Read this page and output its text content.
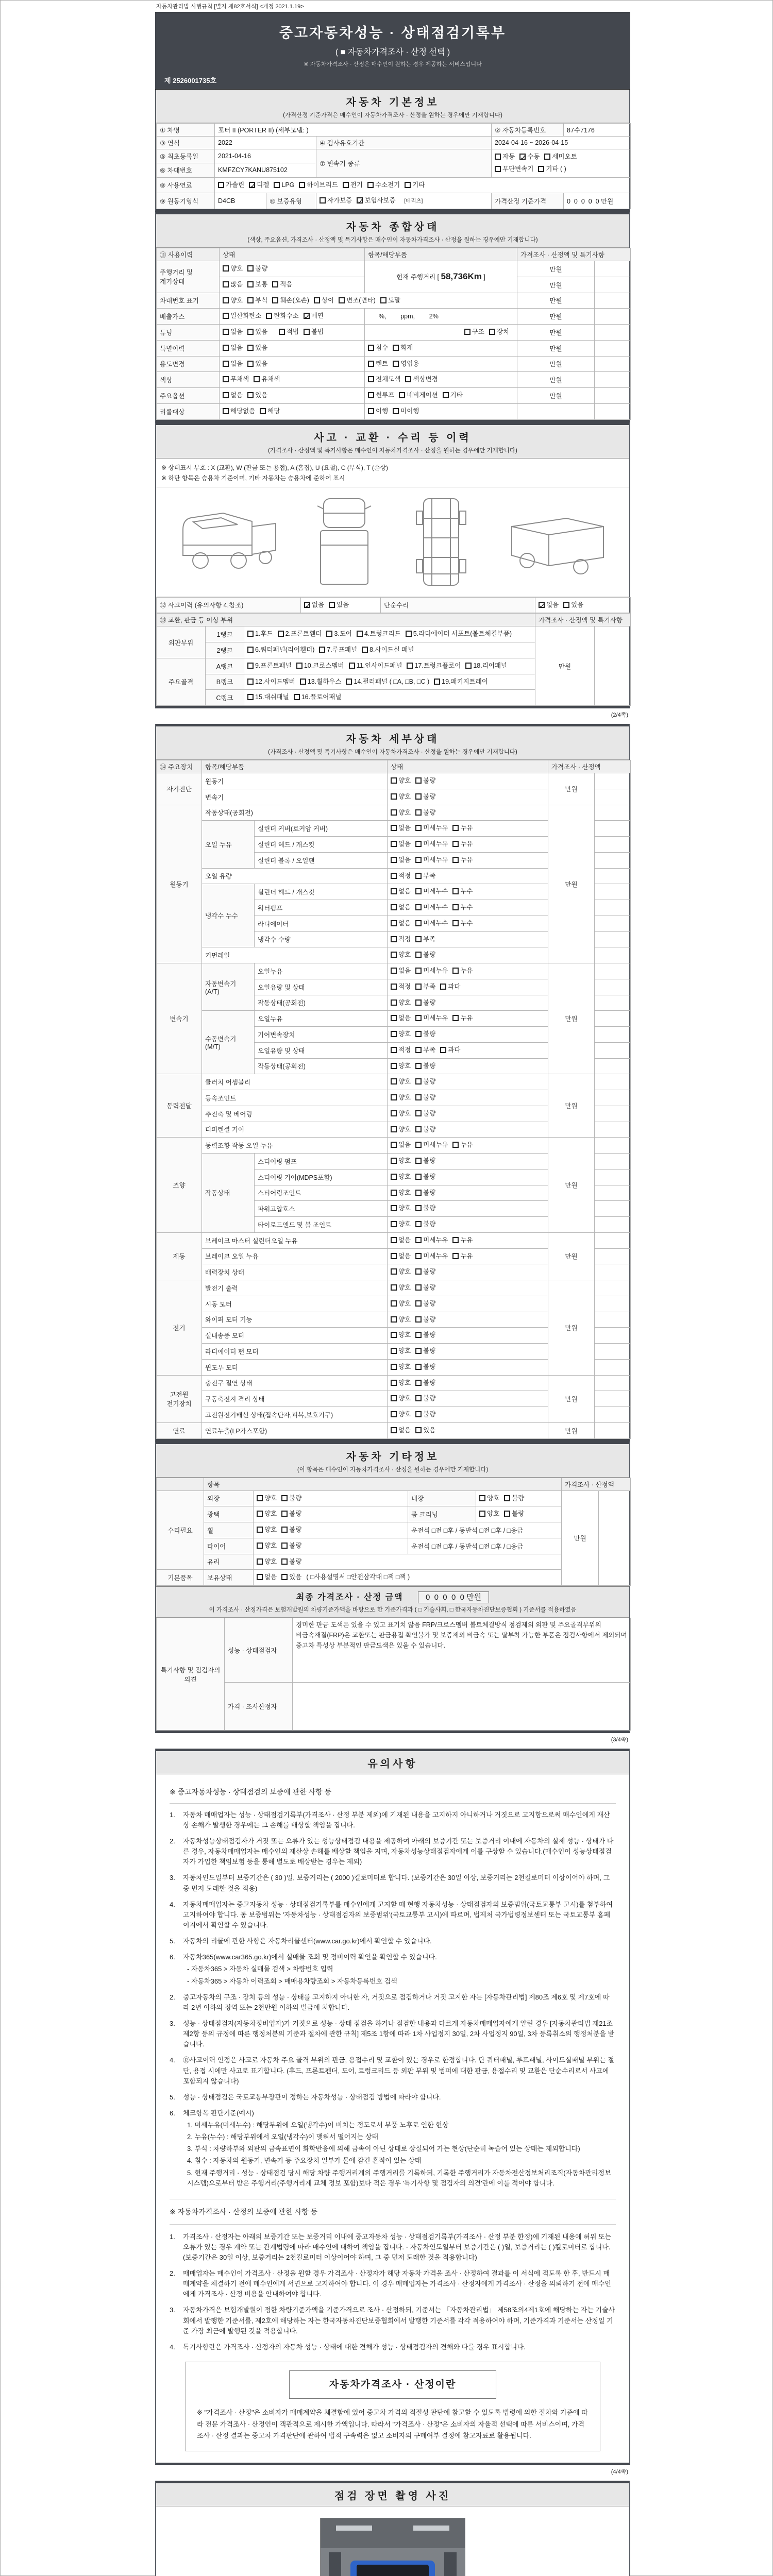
자동차관리법 시행규칙 [별지 제82호서식] <개정 2021.1.19>
중고자동차성능 · 상태점검기록부
( ■ 자동차가격조사 · 산정 선택 )
※ 자동차가격조사 · 산정은 매수인이 원하는 경우 제공하는 서비스입니다
제 2526001735호
자동차 기본정보
(가격산정 기준가격은 매수인이 자동차가격조사 · 산정을 원하는 경우에만 기재합니다)
① 차명	포터 II (PORTER II) (세부모델: )			② 자동차등록번호	87수7176
③ 연식	2022		④ 검사유효기간	2024-04-16 ~ 2026-04-15	
⑤ 최초등록일	2021-04-16		⑦ 변속기 종류	자동 ✓ 수동 세미오토
무단변속기 기타 ( )

⑥ 차대번호	KMFZCY7KANU875102				
⑧ 사용연료	가솔린 ✓ 디젤 LPG 하이브리드 전기 수소전기 기타
⑨ 원동기형식	D4CB	⑩ 보증유형	자가보증 ✓ 보험사보증 [메리츠]	가격산정 기준가격	0  0  0  0  0 만원
자동차 종합상태
(색상, 주요옵션, 가격조사 · 산정액 및 특기사항은 매수인이 자동차가격조사 · 산정을 원하는 경우에만 기재합니다)
⑪ 사용이력	상태	항목/해당부품	가격조사 · 산정액 및 특기사항	
주행거리 및 계기상태	양호 불량	현재 주행거리 [ 58,736Km ]	만원	
	많음 보통 적음		만원	
차대번호 표기	양호 부식 훼손(오손) 상이 변조(변타) 도말		만원	
배출가스	일산화탄소 탄화수소 ✓ 매연	%,        ppm,        2%	만원	
튜닝	없음 있음   적법 불법	구조 장치	만원	
특별이력	없음 있음	침수 화재	만원	
용도변경	없음 있음	렌트 영업용	만원	
색상	무채색 유채색	전체도색 색상변경	만원	
주요옵션	없음 있음	썬루프 네비게이션 기타	만원	
리콜대상	해당없음 해당	이행 미이행		
사고 · 교환 · 수리 등 이력
(가격조사 · 산정액 및 특기사항은 매수인이 자동차가격조사 · 산정을 원하는 경우에만 기재합니다)
※ 상태표시 부호 : X (교환), W (판금 또는 용접), A (흠집), U (요철), C (부식), T (손상)
※ 하단 항목은 승용차 기준이며, 기타 자동차는 승용차에 준하여 표시
⑫ 사고이력 (유의사항 4.참조)	✓없음 있음	단순수리	✓없음 있음
⑬ 교환, 판금 등 이상 부위			가격조사 · 산정액 및 특기사항	
외판부위	1랭크	1.후드 2.프론트휀더 3.도어 4.트렁크리드 5.라디에이터 서포트(볼트체결부품)	만원	
	2랭크	6.쿼터패널(리어휀더) 7.루프패널 8.사이드실 패널		
주요골격	A랭크	9.프론트패널 10.크로스멤버 11.인사이드패널 17.트렁크플로어 18.리어패널		
	B랭크	12.사이드멤버 13.휠하우스 14.필러패널 ( □A, □B, □C ) 19.패키지트레이		
	C랭크	15.대쉬패널 16.플로어패널		
(2/4쪽)
자동차 세부상태
(가격조사 · 산정액 및 특기사항은 매수인이 자동차가격조사 · 산정을 원하는 경우에만 기재합니다)
⑭ 주요장치	항목/해당부품		상태	가격조사 · 산정액	
자기진단	원동기		양호 불량	만원	
	변속기		양호 불량		
원동기	작동상태(공회전)		양호 불량	만원	
	오일 누유	실린더 커버(로커암 커버)	없음 미세누유 누유		
		실린더 헤드 / 개스킷	없음 미세누유 누유		
		실린더 블록 / 오일팬	없음 미세누유 누유		
	오일 유량		적정 부족		
	냉각수 누수	실린더 헤드 / 개스킷	없음 미세누수 누수		
		워터펌프	없음 미세누수 누수		
		라디에이터	없음 미세누수 누수		
		냉각수 수량	적정 부족		
	커먼레일		양호 불량		
변속기	자동변속기 (A/T)	오일누유	없음 미세누유 누유	만원	
		오일유량 및 상태	적정 부족 과다		
		작동상태(공회전)	양호 불량		
	수동변속기 (M/T)	오일누유	없음 미세누유 누유		
		기어변속장치	양호 불량		
		오일유량 및 상태	적정 부족 과다		
		작동상태(공회전)	양호 불량		
동력전달	클러치 어셈블리		양호 불량	만원	
	등속조인트		양호 불량		
	추진축 및 베어링		양호 불량		
	디퍼렌셜 기어		양호 불량		
조향	동력조향 작동 오일 누유		없음 미세누유 누유	만원	
	작동상태	스티어링 펌프	양호 불량		
		스티어링 기어(MDPS포함)	양호 불량		
		스티어링조인트	양호 불량		
		파워고압호스	양호 불량		
		타이로드엔드 및 볼 조인트	양호 불량		
제동	브레이크 마스터 실린더오일 누유		없음 미세누유 누유	만원	
	브레이크 오일 누유		없음 미세누유 누유		
	배력장치 상태		양호 불량		
전기	발전기 출력		양호 불량	만원	
	시동 모터		양호 불량		
	와이퍼 모터 기능		양호 불량		
	실내송풍 모터		양호 불량		
	라디에이터 팬 모터		양호 불량		
	윈도우 모터		양호 불량		
고전원 전기장치	충전구 절연 상태		양호 불량	만원	
	구동축전지 격리 상태		양호 불량		
	고전원전기배선 상태(접속단자,피복,보호기구)		양호 불량		
연료	연료누출(LP가스포함)		없음 있음	만원	
자동차 기타정보
(이 항목은 매수인이 자동차가격조사 · 산정을 원하는 경우에만 기재합니다)
	항목				가격조사 · 산정액	
수리필요	외장	양호 불량	내장	양호 불량	만원	
	광택	양호 불량	룸 크리닝	양호 불량		
	휠	양호 불량	운전석 □전 □후 / 동반석 □전 □후 / □응급			
	타이어	양호 불량	운전석 □전 □후 / 동반석 □전 □후 / □응급			
	유리	양호 불량				
기본품목	보유상태	없음 있음 ( □사용설명서 □안전삼각대 □잭 □잭 )				
최종 가격조사 · 산정 금액	0  0  0  0  0 만원
이 가격조사 · 산정가격은 보험개발원의 차량기준가액을 바탕으로 한 기준가격과 ( □ 기술사회, □ 한국자동차진단보증협회 ) 기준서를 적용하였음
특기사항 및 점검자의 의견	성능 · 상태점검자	경미한 판금 도색은 있을 수 있고 표기치 않음 FRP/크로스멤버 볼트체결방식 점검제외 외판 및 주요골격부위의 비금속재질(FRP)은 교환또는 판금용접 확인불가 및 보증제외 비금속 또는 탈부착 가능한 부품은 점검사항에서 제외되며 중고차 특성상 부분적인 판금도색은 있을 수 있습니다.
	가격 · 조사산정자	
(3/4쪽)
유의사항
※ 중고자동차성능 · 상태점검의 보증에 관한 사항 등
1.	자동차 매매업자는 성능 · 상태점검기록부(가격조사 · 산정 부분 제외)에 기재된 내용을 고지하지 아니하거나 거짓으로 고지함으로써 매수인에게 재산상 손해가 발생한 경우에는 그 손해를 배상할 책임을 집니다.
2.	자동차성능상태점검자가 거짓 또는 오류가 있는 성능상태점검 내용을 제공하여 아래의 보증기간 또는 보증거리 이내에 자동차의 실제 성능 · 상태가 다른 경우, 자동차매매업자는 매수인의 재산상 손해를 배상할 책임을 지며, 자동차성능상태점검자에게 이를 구상할 수 있습니다.(매수인이 성능상태점검자가 가입한 책임보험 등을 통해 별도로 배상받는 경우는 제외)
3.	자동차인도일부터 보증기간은 ( 30 )일, 보증거리는 ( 2000 )킬로미터로 합니다. (보증기간은 30일 이상, 보증거리는 2천킬로미터 이상이어야 하며, 그 중 먼저 도래한 것을 적용)
4.	자동차매매업자는 중고자동차 성능 · 상태점검기록부를 매수인에게 고지할 때 현행 자동차성능 · 상태점검자의 보증범위(국토교통부 고시)를 첨부하여 고지하여야 합니다. 동 보증범위는 '자동차성능 · 상태점검자의 보증범위'(국토교통부 고시)에 따르며, 법제처 국가법령정보센터 또는 국토교통부 홈페이지에서 확인할 수 있습니다.
5.	자동차의 리콜에 관한 사항은 자동차리콜센터(www.car.go.kr)에서 확인할 수 있습니다.
6.	자동차365(www.car365.go.kr)에서 실매물 조회 및 정비이력 확인을 확인할 수 있습니다.
- 자동차365 > 자동차 실매물 검색 > 차량번호 입력
- 자동차365 > 자동차 이력조회 > 매매용차량조회 > 자동차등록번호 검색
2.	중고자동차의 구조 · 장치 등의 성능 · 상태를 고지하지 아니한 자, 거짓으로 점검하거나 거짓 고지한 자는 [자동차관리법] 제80조 제6호 및 제7호에 따라 2년 이하의 징역 또는 2천만원 이하의 벌금에 처합니다.
3.	성능 · 상태점검자(자동차정비업자)가 거짓으로 성능 · 상태 점검을 하거나 점검한 내용과 다르게 자동차매매업자에게 알린 경우 [자동차관리법 제21조 제2항 등의 규정에 따른 행정처분의 기준과 절차에 관한 규칙] 제5조 1항에 따라 1차 사업정지 30일, 2차 사업정지 90일, 3차 등록취소의 행정처분을 받습니다.
4.	⑫사고이력 인정은 사고로 자동차 주요 골격 부위의 판금, 용접수리 및 교환이 있는 경우로 한정합니다. 단 쿼터패널, 루프패널, 사이드실패널 부위는 절단, 용접 시에만 사고로 표기합니다. (후드, 프론트펜더, 도어, 트렁크리드 등 외판 부위 및 범퍼에 대한 판금, 용접수리 및 교환은 단순수리로서 사고에 포함되지 않습니다)
5.	성능 · 상태점검은 국토교통부장관이 정하는 자동차성능 · 상태점검 방법에 따라야 합니다.
6.	체크항목 판단기준(예시)
1. 미세누유(미세누수) : 해당부위에 오일(냉각수)이 비치는 정도로서 부품 노후로 인한 현상
2. 누유(누수) : 해당부위에서 오일(냉각수)이 맺혀서 떨어지는 상태
3. 부식 : 차량하부와 외판의 금속표면이 화학반응에 의해 금속이 아닌 상태로 상실되어 가는 현상(단순히 녹슬어 있는 상태는 제외합니다)
4. 침수 : 자동차의 원동기, 변속기 등 주요장치 일부가 물에 잠긴 흔적이 있는 상태
5. 현재 주행거리 · 성능 · 상태점검 당시 해당 차량 주행거리계의 주행거리를 기록하되, 기록한 주행거리가 자동차전산정보처리조직(자동차관리정보시스템)으로부터 받은 주행거리(주행거리계 교체 정보 포함)보다 적은 경우 '특기사항 및 점검자의 의견'란에 이를 적어야 합니다.
※ 자동차가격조사 · 산정의 보증에 관한 사항 등
1.	가격조사 · 산정자는 아래의 보증기간 또는 보증거리 이내에 중고자동차 성능 · 상태점검기록부(가격조사 · 산정 부분 한정)에 기재된 내용에 허위 또는 오류가 있는 경우 계약 또는 관계법령에 따라 매수인에 대하여 책임을 집니다. · 자동차인도일부터 보증기간은 ( )일, 보증거리는 ( )킬로미터로 합니다. (보증기간은 30일 이상, 보증거리는 2천킬로미터 이상이어야 하며, 그 중 먼저 도래한 것을 적용합니다)
2.	매매업자는 매수인이 가격조사 · 산정을 원할 경우 가격조사 · 산정자가 해당 자동차 가격을 조사 · 산정하여 결과를 이 서식에 적도록 한 후, 반드시 매매계약을 체결하기 전에 매수인에게 서면으로 고지하여야 합니다. 이 경우 매매업자는 가격조사 · 산정자에게 가격조사 · 산정을 의뢰하기 전에 매수인에게 가격조사 · 산정 비용을 안내하여야 합니다.
3.	자동차가격은 보험개발원이 정한 차량기준가액을 기준가격으로 조사 · 산정하되, 기준서는 「자동차관리법」 제58조의4제1호에 해당하는 자는 기술사회에서 발행한 기준서를, 제2호에 해당하는 자는 한국자동차진단보증협회에서 발행한 기준서를 각각 적용하여야 하며, 기준가격과 기준서는 산정일 기준 가장 최근에 발행된 것을 적용합니다.
4.	특기사항란은 가격조사 · 산정자의 자동차 성능 · 상태에 대한 견해가 성능 · 상태점검자의 견해와 다를 경우 표시합니다.
자동차가격조사 · 산정이란
※ "가격조사 · 산정"은 소비자가 매매계약을 체결함에 있어 중고차 가격의 적절성 판단에 참고할 수 있도록 법령에 의한 절차와 기준에 따라 전문 가격조사 · 산정인이 객관적으로 제시한 가액입니다. 따라서 "가격조사 · 산정"은 소비자의 자율적 선택에 따른 서비스이며, 가격조사 · 산정 결과는 중고차 가격판단에 관하여 법적 구속력은 없고 소비자의 구매여부 결정에 참고자료로 활용됩니다.
(4/4쪽)
점검 장면 촬영 사진
